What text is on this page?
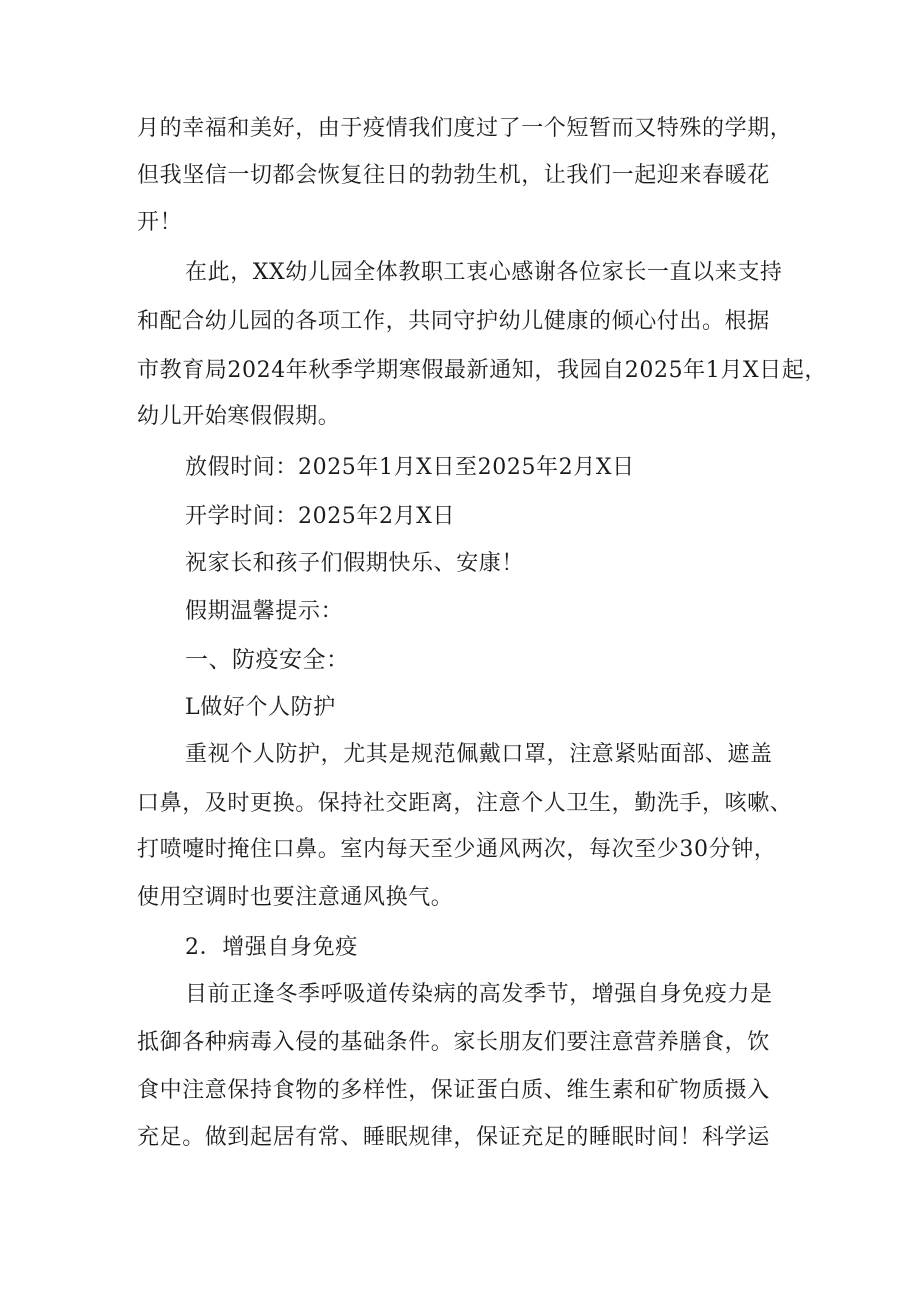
月的幸福和美好，由于疫情我们度过了一个短暂而又特殊的学期，
但我坚信一切都会恢复往日的勃勃生机，让我们一起迎来春暖花
开！
在此，XX幼儿园全体教职工衷心感谢各位家长一直以来支持
和配合幼儿园的各项工作，共同守护幼儿健康的倾心付出。根据
市教育局2024年秋季学期寒假最新通知，我园自2025年1月X日起，
幼儿开始寒假假期。
放假时间：2025年1月X日至2025年2月X日
开学时间：2025年2月X日
祝家长和孩子们假期快乐、安康！
假期温馨提示：
一、防疫安全：
L做好个人防护
重视个人防护，尤其是规范佩戴口罩，注意紧贴面部、遮盖
口鼻，及时更换。保持社交距离，注意个人卫生，勤洗手，咳嗽、
打喷嚏时掩住口鼻。室内每天至少通风两次，每次至少30分钟，
使用空调时也要注意通风换气。
2．增强自身免疫
目前正逢冬季呼吸道传染病的高发季节，增强自身免疫力是
抵御各种病毒入侵的基础条件。家长朋友们要注意营养膳食，饮
食中注意保持食物的多样性，保证蛋白质、维生素和矿物质摄入
充足。做到起居有常、睡眠规律，保证充足的睡眠时间！科学运
